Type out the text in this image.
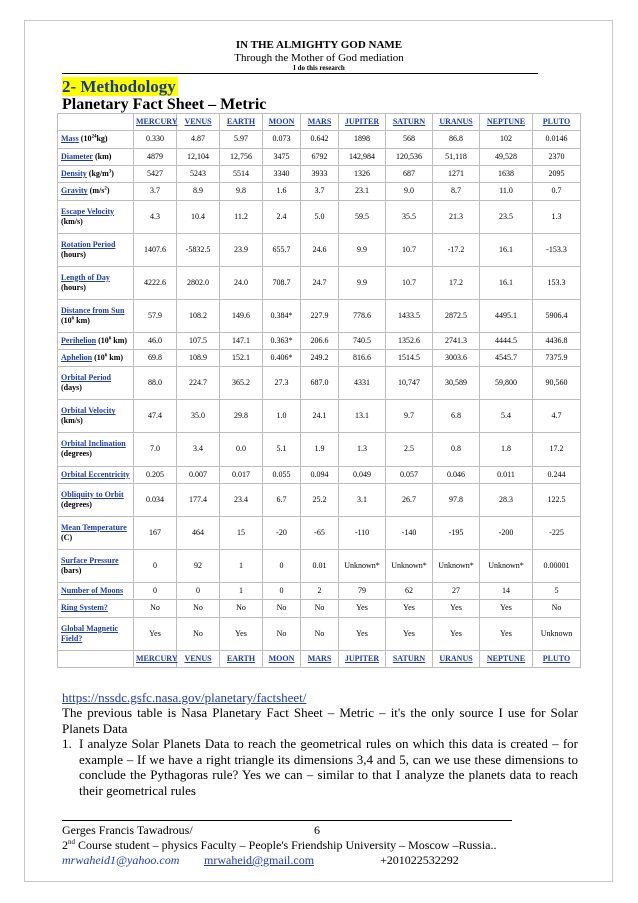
IN THE ALMIGHTY GOD NAME
Through the Mother of God mediation
I do this research
2- Methodology
Planetary Fact Sheet – Metric
	MERCURY	VENUS	EARTH	MOON	MARS	JUPITER	SATURN	URANUS	NEPTUNE	PLUTO
Mass $(10^{24}kg)$	0.330	4.87	5.97	0.073	0.642	1898	568	86.8	102	0.0146
Diameter (km)	4879	12,104	12,756	3475	6792	142,984	120,536	51,118	49,528	2370
Density $(kg/m^3)$	5427	5243	5514	3340	3933	1326	687	1271	1638	2095
Gravity $(m/s^2)$	3.7	8.9	9.8	1.6	3.7	23.1	9.0	8.7	11.0	0.7
Escape Velocity (km/s)	4.3	10.4	11.2	2.4	5.0	59.5	35.5	21.3	23.5	1.3
Rotation Period (hours)	1407.6	-5832.5	23.9	655.7	24.6	9.9	10.7	-17.2	16.1	-153.3
Length of Day (hours)	4222.6	2802.0	24.0	708.7	24.7	9.9	10.7	17.2	16.1	153.3
Distance from Sun ($10^6$ km)	57.9	108.2	149.6	0.384*	227.9	778.6	1433.5	2872.5	4495.1	5906.4
Perihelion ($10^6$ km)	46.0	107.5	147.1	0.363*	206.6	740.5	1352.6	2741.3	4444.5	4436.8
Aphelion ($10^6$ km)	69.8	108.9	152.1	0.406*	249.2	816.6	1514.5	3003.6	4545.7	7375.9
Orbital Period (days)	88.0	224.7	365.2	27.3	687.0	4331	10,747	30,589	59,800	90,560
Orbital Velocity (km/s)	47.4	35.0	29.8	1.0	24.1	13.1	9.7	6.8	5.4	4.7
Orbital Inclination (degrees)	7.0	3.4	0.0	5.1	1.9	1.3	2.5	0.8	1.8	17.2
Orbital Eccentricity	0.205	0.007	0.017	0.055	0.094	0.049	0.057	0.046	0.011	0.244
Obliquity to Orbit (degrees)	0.034	177.4	23.4	6.7	25.2	3.1	26.7	97.8	28.3	122.5
Mean Temperature (C)	167	464	15	-20	-65	-110	-140	-195	-200	-225
Surface Pressure (bars)	0	92	1	0	0.01	Unknown*	Unknown*	Unknown*	Unknown*	0.00001
Number of Moons	0	0	1	0	2	79	62	27	14	5
Ring System?	No	No	No	No	No	Yes	Yes	Yes	Yes	No
Global Magnetic Field?	Yes	No	Yes	No	No	Yes	Yes	Yes	Yes	Unknown
	MERCURY	VENUS	EARTH	MOON	MARS	JUPITER	SATURN	URANUS	NEPTUNE	PLUTO
https://nssdc.gsfc.nasa.gov/planetary/factsheet/
The previous table is Nasa Planetary Fact Sheet – Metric – it's the only source I use for Solar Planets Data
1. I analyze Solar Planets Data to reach the geometrical rules on which this data is created – for example – If we have a right triangle its dimensions 3,4 and 5, can we use these dimensions to conclude the Pythagoras rule? Yes we can – similar to that I analyze the planets data to reach their geometrical rules
Gerges Francis Tawadrous/	6
2nd Course student – physics Faculty – People's Friendship University – Moscow –Russia..
mrwaheid1@yahoo.com mrwaheid@gmail.com	+201022532292
